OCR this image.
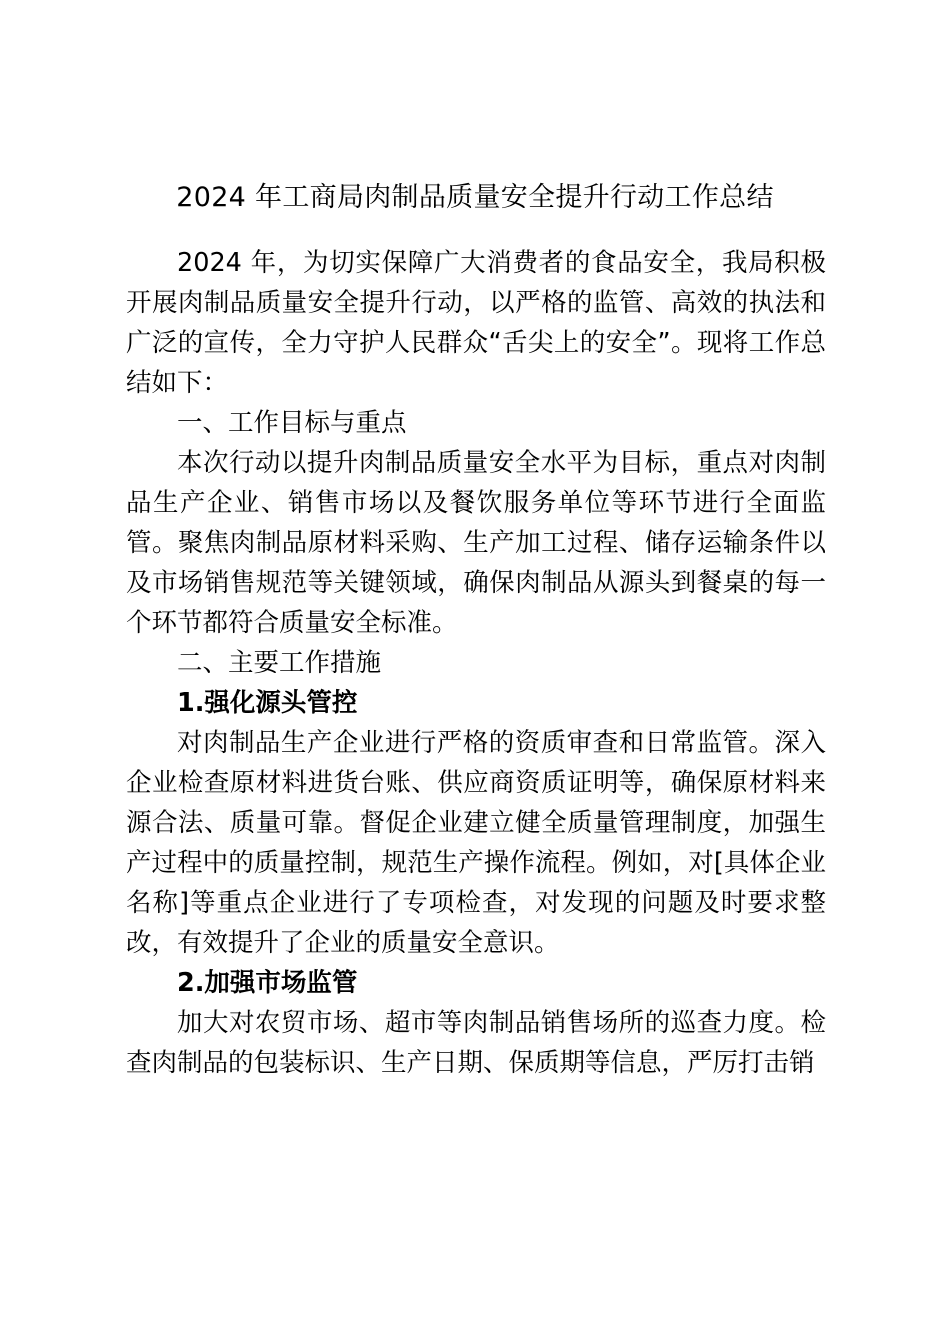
2024 年工商局肉制品质量安全提升行动工作总结

2024 年，为切实保障广大消费者的食品安全，我局积极开展肉制品质量安全提升行动，以严格的监管、高效的执法和广泛的宣传，全力守护人民群众“舌尖上的安全”。现将工作总结如下：

一、工作目标与重点

本次行动以提升肉制品质量安全水平为目标，重点对肉制品生产企业、销售市场以及餐饮服务单位等环节进行全面监管。聚焦肉制品原材料采购、生产加工过程、储存运输条件以及市场销售规范等关键领域，确保肉制品从源头到餐桌的每一个环节都符合质量安全标准。

二、主要工作措施

1.强化源头管控

对肉制品生产企业进行严格的资质审查和日常监管。深入企业检查原材料进货台账、供应商资质证明等，确保原材料来源合法、质量可靠。督促企业建立健全质量管理制度，加强生产过程中的质量控制，规范生产操作流程。例如，对[具体企业名称]等重点企业进行了专项检查，对发现的问题及时要求整改，有效提升了企业的质量安全意识。

2.加强市场监管

加大对农贸市场、超市等肉制品销售场所的巡查力度。检查肉制品的包装标识、生产日期、保质期等信息，严厉打击销
